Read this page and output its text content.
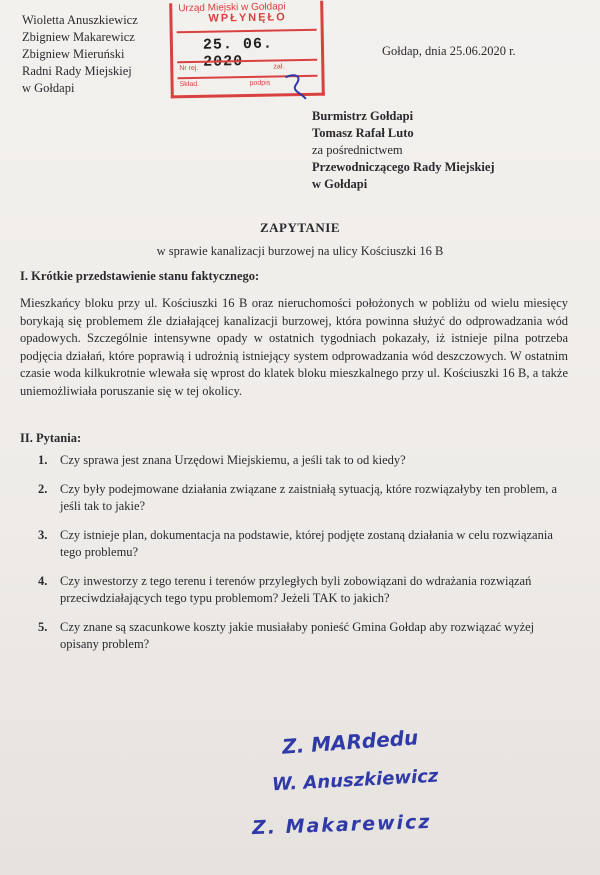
Wioletta Anuszkiewicz
Zbigniew Makarewicz
Zbigniew Mieruński
Radni Rady Miejskiej
w Gołdapi
Urząd Miejski w Gołdapi
WPŁYNĘŁO
25. 06.
Nr rej.	zał.
Skład.	podpis
Gołdap, dnia 25.06.2020 r.
Burmistrz Gołdapi
Tomasz Rafał Luto
za pośrednictwem
Przewodniczącego Rady Miejskiej
w Gołdapi
ZAPYTANIE
w sprawie kanalizacji burzowej na ulicy Kościuszki 16 B
I. Krótkie przedstawienie stanu faktycznego:
Mieszkańcy bloku przy ul. Kościuszki 16 B oraz nieruchomości położonych w pobliżu od wielu miesięcy borykają się problemem źle działającej kanalizacji burzowej, która powinna służyć do odprowadzania wód opadowych. Szczególnie intensywne opady w ostatnich tygodniach pokazały, iż istnieje pilna potrzeba podjęcia działań, które poprawią i udrożnią istniejący system odprowadzania wód deszczowych. W ostatnim czasie woda kilkukrotnie wlewała się wprost do klatek bloku mieszkalnego przy ul. Kościuszki 16 B, a także uniemożliwiała poruszanie się w tej okolicy.
II. Pytania:
1.	Czy sprawa jest znana Urzędowi Miejskiemu, a jeśli tak to od kiedy?
2.	Czy były podejmowane działania związane z zaistniałą sytuacją, które rozwiązałyby ten problem, a jeśli tak to jakie?
3.	Czy istnieje plan, dokumentacja na podstawie, której podjęte zostaną działania w celu rozwiązania tego problemu?
4.	Czy inwestorzy z tego terenu i terenów przyległych byli zobowiązani do wdrażania rozwiązań przeciwdziałających tego typu problemom? Jeżeli TAK to jakich?
5.	Czy znane są szacunkowe koszty jakie musiałaby ponieść Gmina Gołdap aby rozwiązać wyżej opisany problem?
Z. MARdedu
W. Anuszkiewicz
Z. Makarewicz
